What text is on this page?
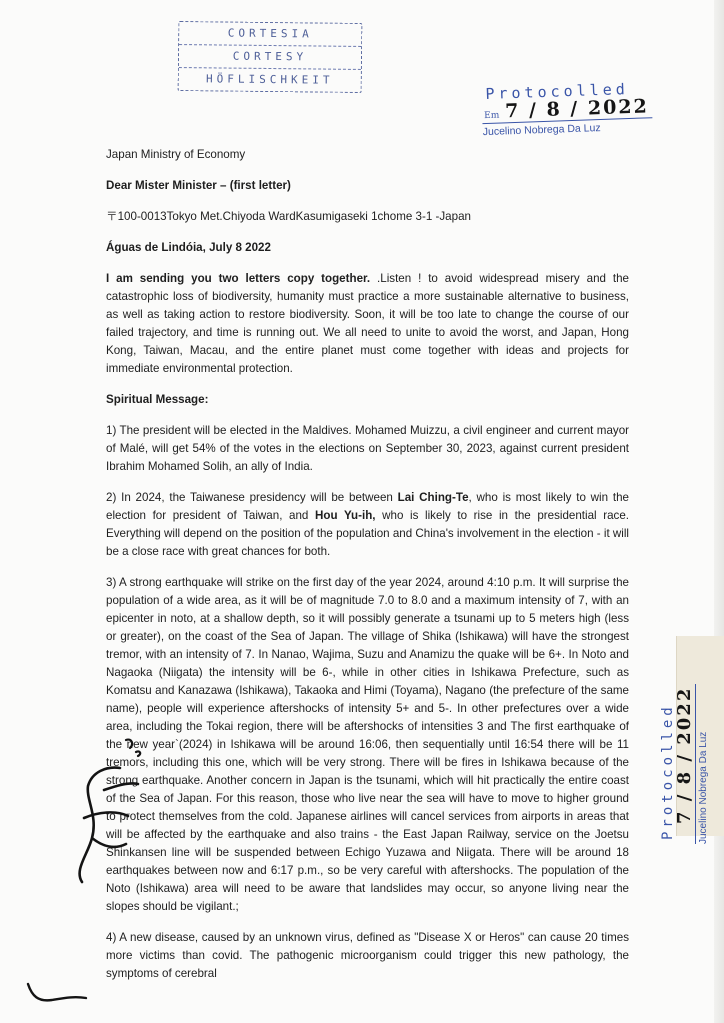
CORTESIA
CORTESY
HÖFLISCHKEIT
Protocolled
Em 7 / 8 / 2022
Jucelino Nobrega Da Luz
Protocolled
7 / 8 / 2022 Jucelino Nobrega Da Luz

Japan Ministry of Economy

Dear Mister Minister – (first letter)

〒100-0013Tokyo Met.Chiyoda WardKasumigaseki 1chome 3-1 -Japan

Águas de Lindóia, July 8 2022

I am sending you two letters copy together. .Listen ! to avoid widespread misery and the catastrophic loss of biodiversity, humanity must practice a more sustainable alternative to business, as well as taking action to restore biodiversity. Soon, it will be too late to change the course of our failed trajectory, and time is running out. We all need to unite to avoid the worst, and Japan, Hong Kong, Taiwan, Macau, and the entire planet must come together with ideas and projects for immediate environmental protection.

Spiritual Message:

1) The president will be elected in the Maldives. Mohamed Muizzu, a civil engineer and current mayor of Malé, will get 54% of the votes in the elections on September 30, 2023, against current president Ibrahim Mohamed Solih, an ally of India.

2) In 2024, the Taiwanese presidency will be between Lai Ching-Te, who is most likely to win the election for president of Taiwan, and Hou Yu-ih, who is likely to rise in the presidential race. Everything will depend on the position of the population and China's involvement in the election - it will be a close race with great chances for both.

3) A strong earthquake will strike on the first day of the year 2024, around 4:10 p.m. It will surprise the population of a wide area, as it will be of magnitude 7.0 to 8.0 and a maximum intensity of 7, with an epicenter in noto, at a shallow depth, so it will possibly generate a tsunami up to 5 meters high (less or greater), on the coast of the Sea of Japan. The village of Shika (Ishikawa) will have the strongest tremor, with an intensity of 7. In Nanao, Wajima, Suzu and Anamizu the quake will be 6+. In Noto and Nagaoka (Niigata) the intensity will be 6-, while in other cities in Ishikawa Prefecture, such as Komatsu and Kanazawa (Ishikawa), Takaoka and Himi (Toyama), Nagano (the prefecture of the same name), people will experience aftershocks of intensity 5+ and 5-. In other prefectures over a wide area, including the Tokai region, there will be aftershocks of intensities 3 and The first earthquake of the new year`(2024) in Ishikawa will be around 16:06, then sequentially until 16:54 there will be 11 tremors, including this one, which will be very strong. There will be fires in Ishikawa because of the strong earthquake. Another concern in Japan is the tsunami, which will hit practically the entire coast of the Sea of Japan. For this reason, those who live near the sea will have to move to higher ground to protect themselves from the cold. Japanese airlines will cancel services from airports in areas that will be affected by the earthquake and also trains - the East Japan Railway, service on the Joetsu Shinkansen line will be suspended between Echigo Yuzawa and Niigata. There will be around 18 earthquakes between now and 6:17 p.m., so be very careful with aftershocks. The population of the Noto (Ishikawa) area will need to be aware that landslides may occur, so anyone living near the slopes should be vigilant.;

4) A new disease, caused by an unknown virus, defined as "Disease X or Heros" can cause 20 times more victims than covid. The pathogenic microorganism could trigger this new pathology, the symptoms of cerebral
